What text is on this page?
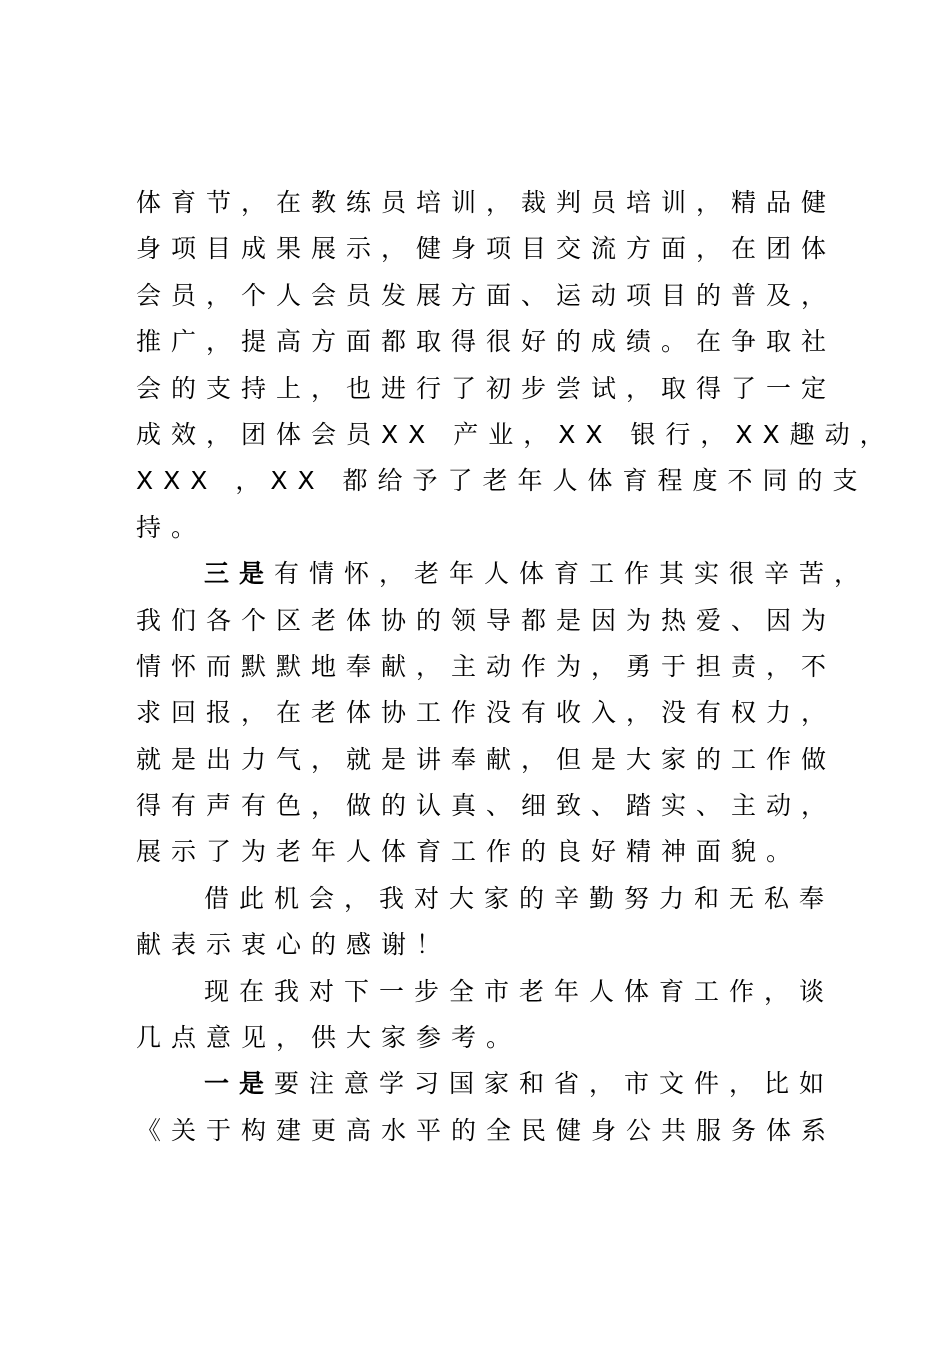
体育节，在教练员培训，裁判员培训，精品健
身项目成果展示，健身项目交流方面，在团体
会员，个人会员发展方面、运动项目的普及，
推广，提高方面都取得很好的成绩。在争取社
会的支持上，也进行了初步尝试，取得了一定
成效，团体会员XX 产业，XX 银行，XX趣动，
XXX ，XX 都给予了老年人体育程度不同的支
持。
三是有情怀，老年人体育工作其实很辛苦，
我们各个区老体协的领导都是因为热爱、因为
情怀而默默地奉献，主动作为，勇于担责，不
求回报，在老体协工作没有收入，没有权力，
就是出力气，就是讲奉献，但是大家的工作做
得有声有色，做的认真、细致、踏实、主动，
展示了为老年人体育工作的良好精神面貌。
借此机会，我对大家的辛勤努力和无私奉
献表示衷心的感谢！
现在我对下一步全市老年人体育工作，谈
几点意见，供大家参考。
一是要注意学习国家和省，市文件，比如
《关于构建更高水平的全民健身公共服务体系
